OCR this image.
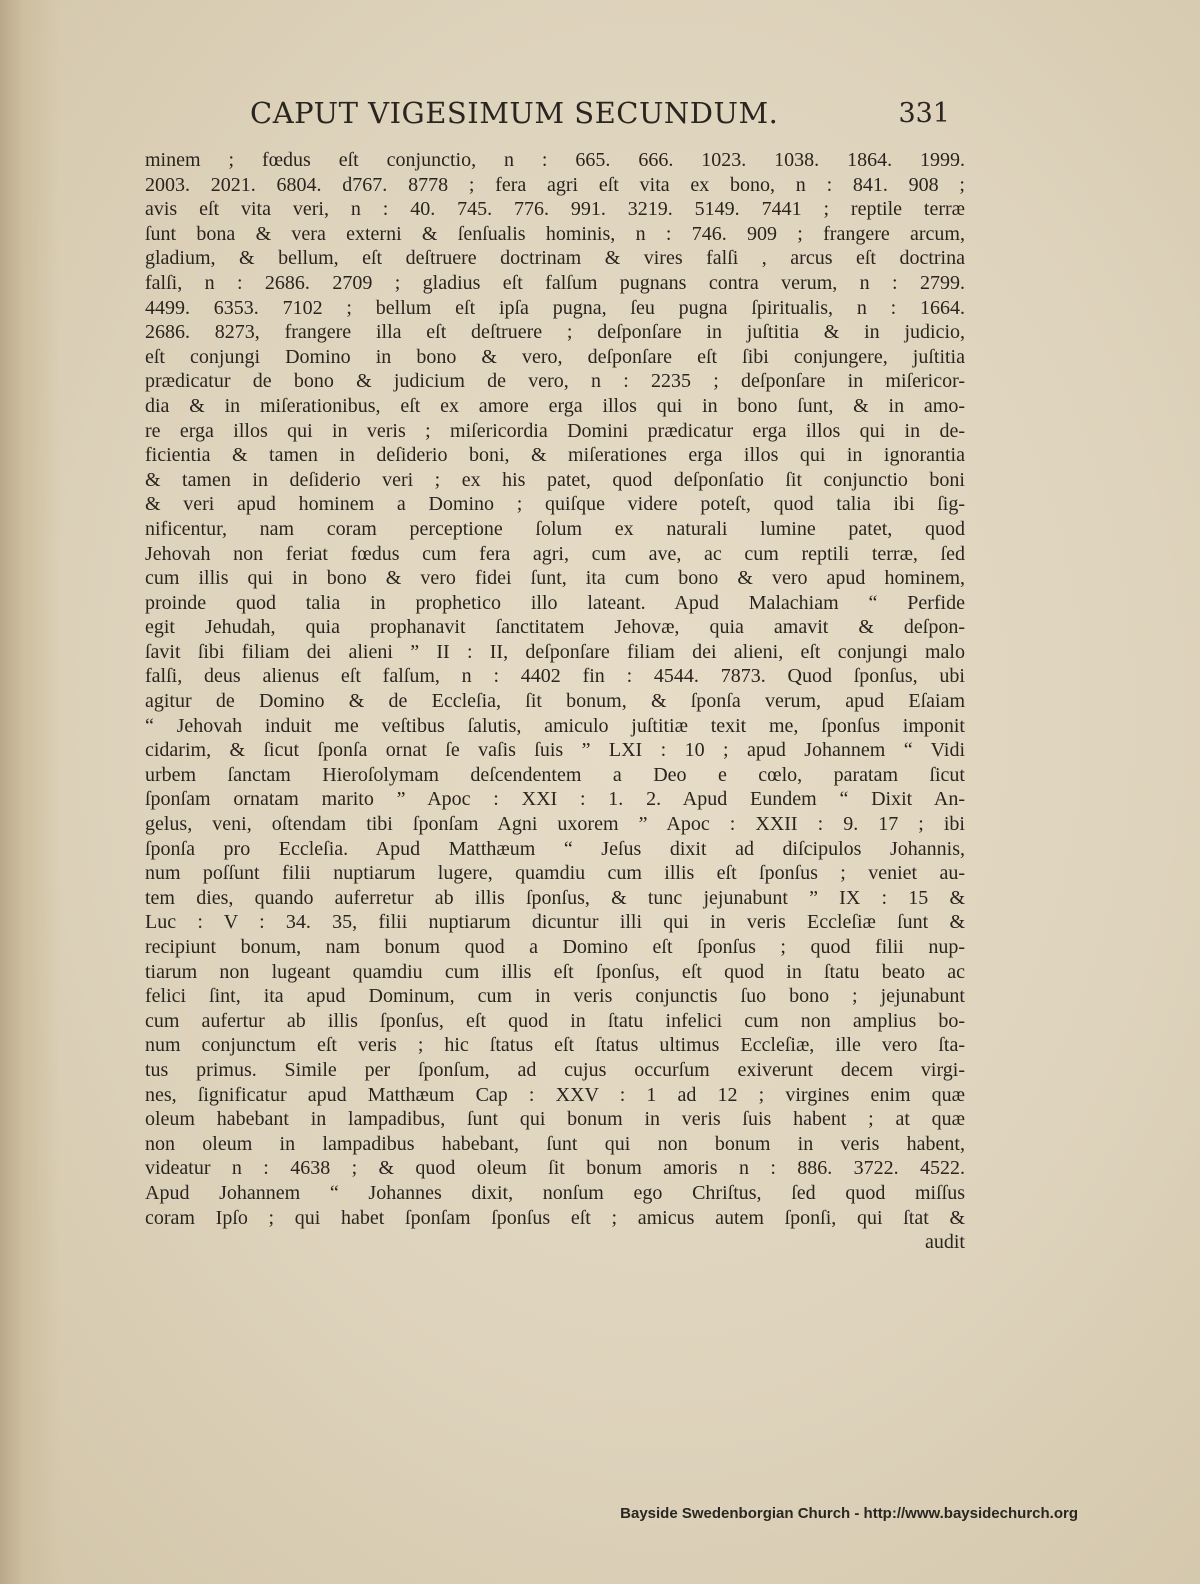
CAPUT VIGESIMUM SECUNDUM.	331
minem ; fœdus eſt conjunctio, n : 665. 666. 1023. 1038. 1864. 1999.
2003. 2021. 6804. d767. 8778 ; fera agri eſt vita ex bono, n : 841. 908 ;
avis eſt vita veri, n : 40. 745. 776. 991. 3219. 5149. 7441 ; reptile terræ
ſunt bona & vera externi & ſenſualis hominis, n : 746. 909 ; frangere arcum,
gladium, & bellum, eſt deſtruere doctrinam & vires falſi , arcus eſt doctrina
falſi, n : 2686. 2709 ; gladius eſt falſum pugnans contra verum, n : 2799.
4499. 6353. 7102 ; bellum eſt ipſa pugna, ſeu pugna ſpiritualis, n : 1664.
2686. 8273, frangere illa eſt deſtruere ; deſponſare in juſtitia & in judicio,
eſt conjungi Domino in bono & vero, deſponſare eſt ſibi conjungere, juſtitia
prædicatur de bono & judicium de vero, n : 2235 ; deſponſare in miſericor-
dia & in miſerationibus, eſt ex amore erga illos qui in bono ſunt, & in amo-
re erga illos qui in veris ; miſericordia Domini prædicatur erga illos qui in de-
ficientia & tamen in deſiderio boni, & miſerationes erga illos qui in ignorantia
& tamen in deſiderio veri ; ex his patet, quod deſponſatio ſit conjunctio boni
& veri apud hominem a Domino ; quiſque videre poteſt, quod talia ibi ſig-
nificentur, nam coram perceptione ſolum ex naturali lumine patet, quod
Jehovah non feriat fœdus cum fera agri, cum ave, ac cum reptili terræ, ſed
cum illis qui in bono & vero fidei ſunt, ita cum bono & vero apud hominem,
proinde quod talia in prophetico illo lateant. Apud Malachiam “ Perfide
egit Jehudah, quia prophanavit ſanctitatem Jehovæ, quia amavit & deſpon-
ſavit ſibi filiam dei alieni ” II : II, deſponſare filiam dei alieni, eſt conjungi malo
falſi, deus alienus eſt falſum, n : 4402 fin : 4544. 7873. Quod ſponſus, ubi
agitur de Domino & de Eccleſia, ſit bonum, & ſponſa verum, apud Eſaiam
“ Jehovah induit me veſtibus ſalutis, amiculo juſtitiæ texit me, ſponſus imponit
cidarim, & ſicut ſponſa ornat ſe vaſis ſuis ” LXI : 10 ; apud Johannem “ Vidi
urbem ſanctam Hieroſolymam deſcendentem a Deo e cœlo, paratam ſicut
ſponſam ornatam marito ” Apoc : XXI : 1. 2. Apud Eundem “ Dixit An-
gelus, veni, oſtendam tibi ſponſam Agni uxorem ” Apoc : XXII : 9. 17 ; ibi
ſponſa pro Eccleſia. Apud Matthæum “ Jeſus dixit ad diſcipulos Johannis,
num poſſunt filii nuptiarum lugere, quamdiu cum illis eſt ſponſus ; veniet au-
tem dies, quando auferretur ab illis ſponſus, & tunc jejunabunt ” IX : 15 &
Luc : V : 34. 35, filii nuptiarum dicuntur illi qui in veris Eccleſiæ ſunt &
recipiunt bonum, nam bonum quod a Domino eſt ſponſus ; quod filii nup-
tiarum non lugeant quamdiu cum illis eſt ſponſus, eſt quod in ſtatu beato ac
felici ſint, ita apud Dominum, cum in veris conjunctis ſuo bono ; jejunabunt
cum aufertur ab illis ſponſus, eſt quod in ſtatu infelici cum non amplius bo-
num conjunctum eſt veris ; hic ſtatus eſt ſtatus ultimus Eccleſiæ, ille vero ſta-
tus primus. Simile per ſponſum, ad cujus occurſum exiverunt decem virgi-
nes, ſignificatur apud Matthæum Cap : XXV : 1 ad 12 ; virgines enim quæ
oleum habebant in lampadibus, ſunt qui bonum in veris ſuis habent ; at quæ
non oleum in lampadibus habebant, ſunt qui non bonum in veris habent,
videatur n : 4638 ; & quod oleum ſit bonum amoris n : 886. 3722. 4522.
Apud Johannem “ Johannes dixit, nonſum ego Chriſtus, ſed quod miſſus
coram Ipſo ; qui habet ſponſam ſponſus eſt ; amicus autem ſponſi, qui ſtat &
audit
Bayside Swedenborgian Church - http://www.baysidechurch.org
